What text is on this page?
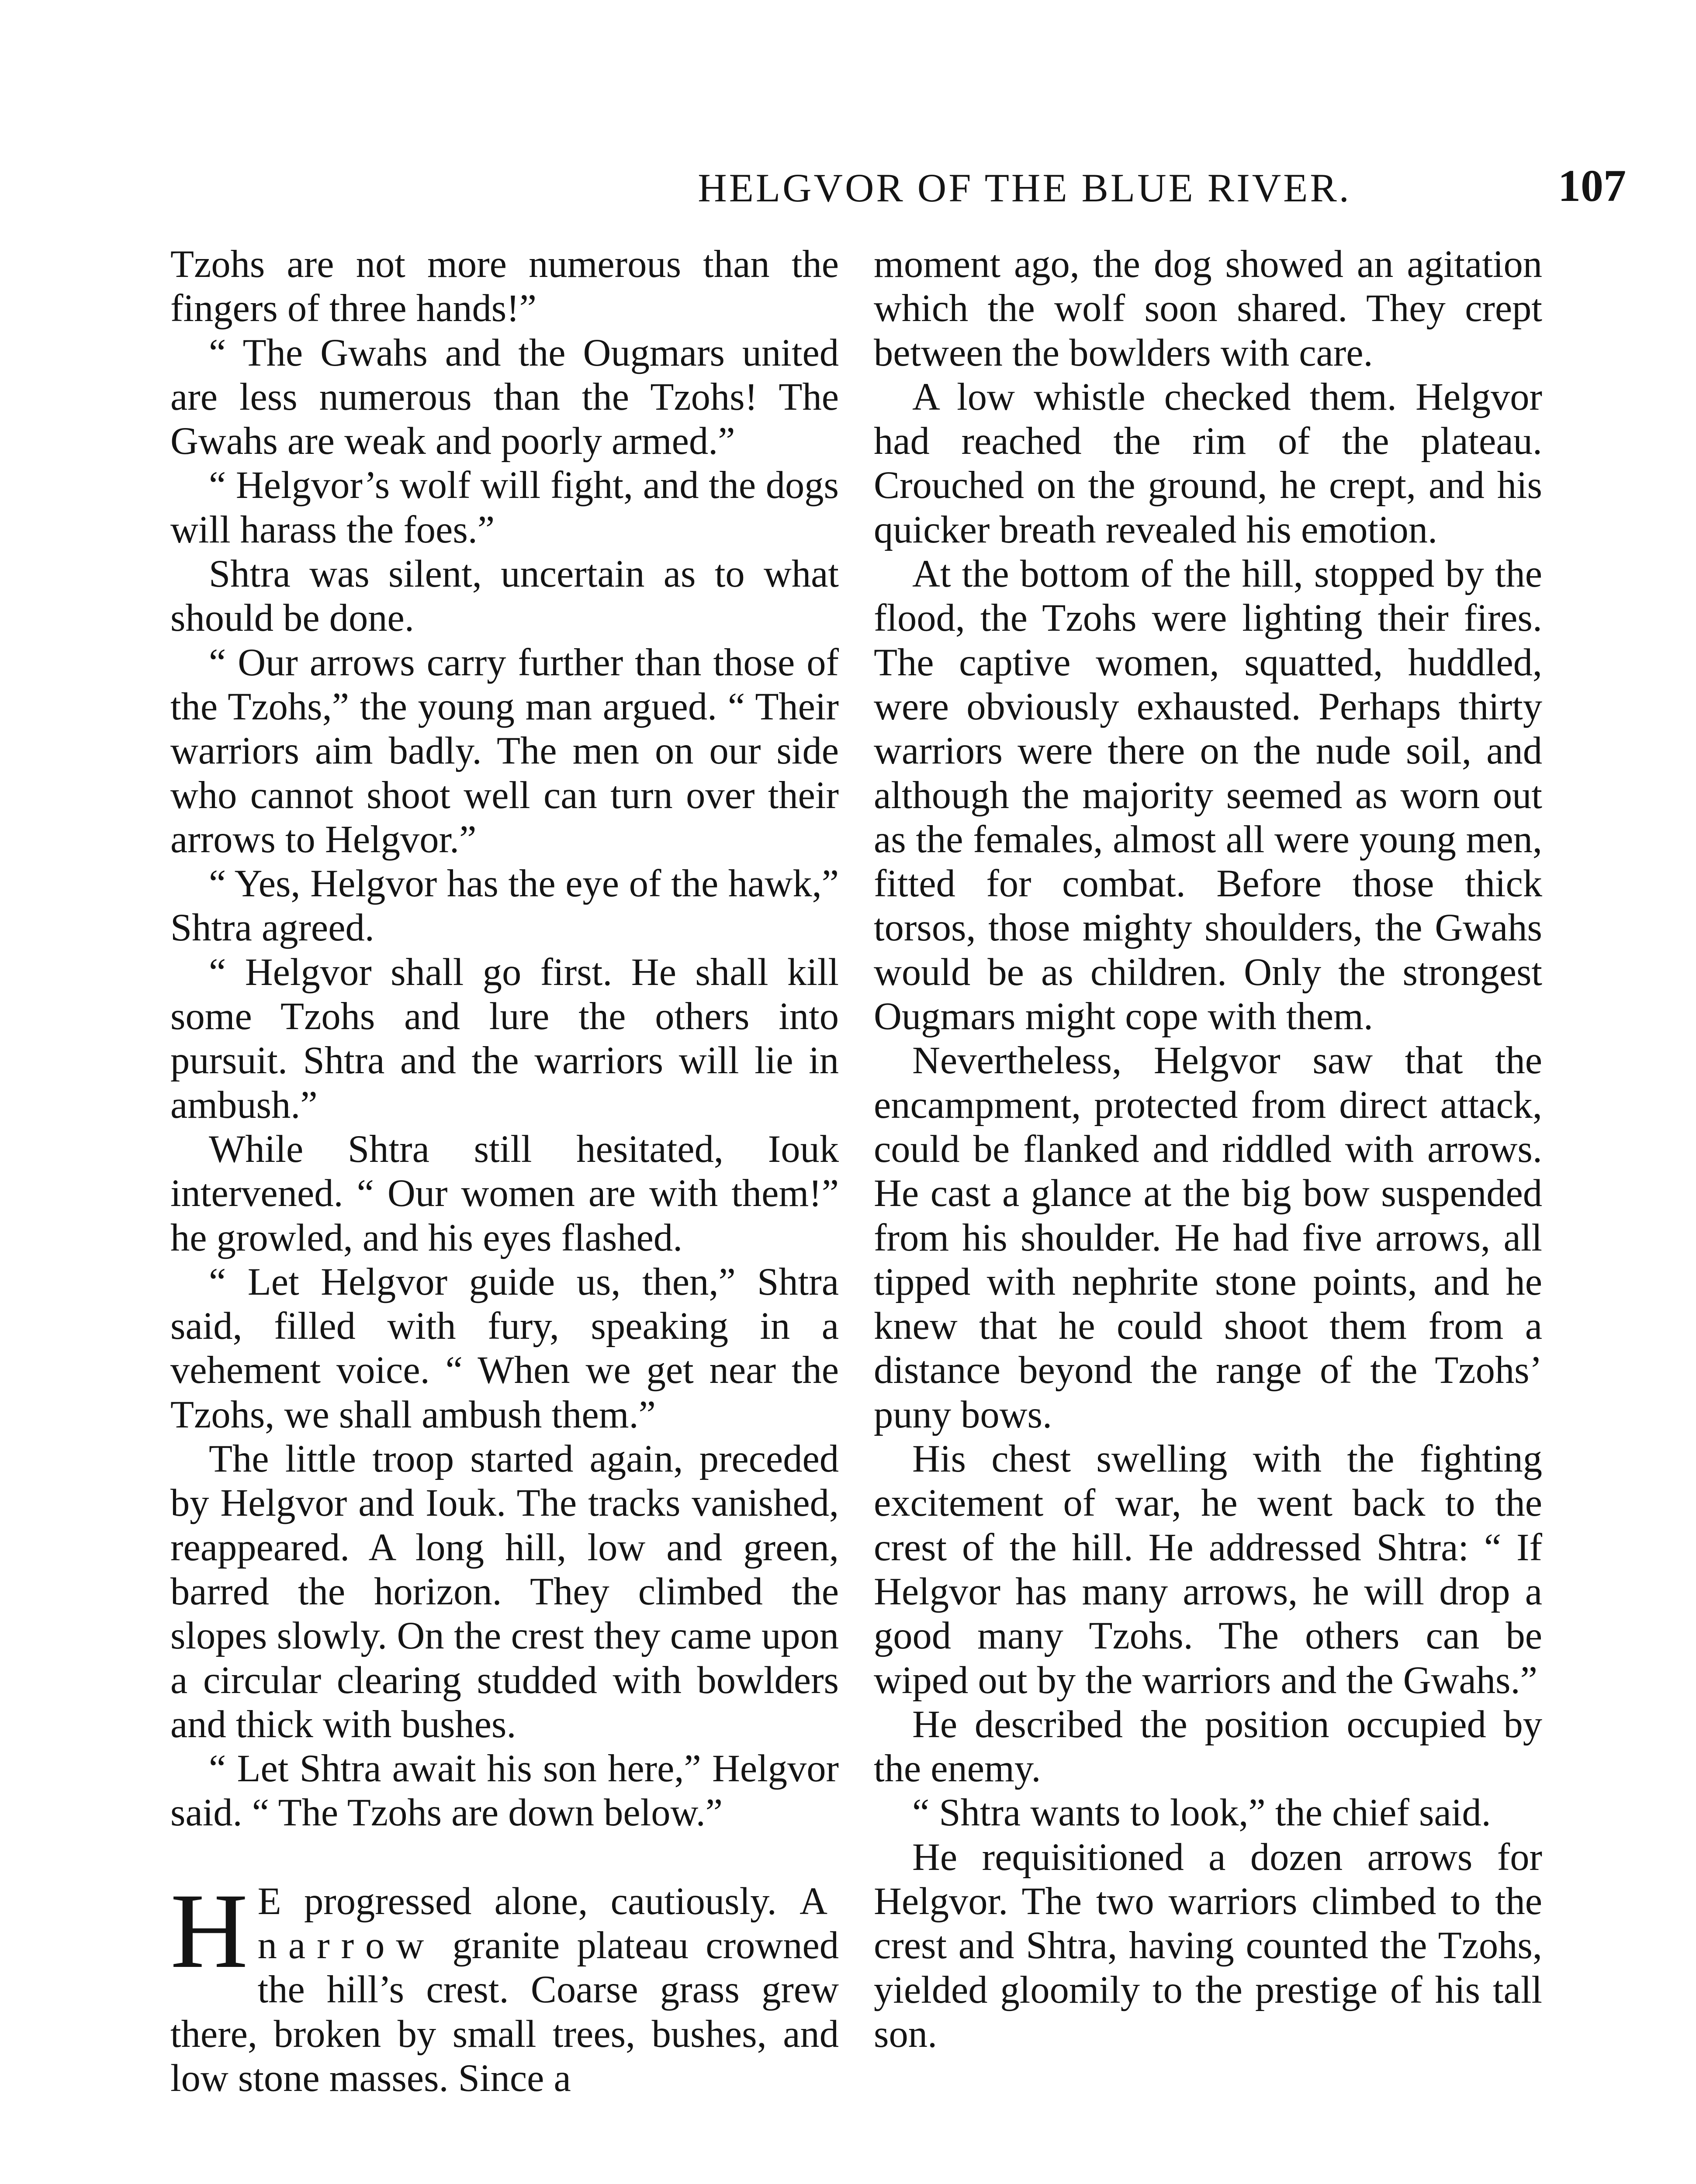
HELGVOR OF THE BLUE RIVER.	107

Tzohs are not more numerous than the fingers of three hands!”

“ The Gwahs and the Ougmars united are less numerous than the Tzohs! The Gwahs are weak and poorly armed.”

“ Helgvor’s wolf will fight, and the dogs will harass the foes.”

Shtra was silent, uncertain as to what should be done.

“ Our arrows carry further than those of the Tzohs,” the young man argued. “ Their warriors aim badly. The men on our side who cannot shoot well can turn over their arrows to Helgvor.”

“ Yes, Helgvor has the eye of the hawk,” Shtra agreed.

“ Helgvor shall go first. He shall kill some Tzohs and lure the others into pursuit. Shtra and the warriors will lie in ambush.”

While Shtra still hesitated, Iouk intervened. “ Our women are with them!” he growled, and his eyes flashed.

“ Let Helgvor guide us, then,” Shtra said, filled with fury, speaking in a vehement voice. “ When we get near the Tzohs, we shall ambush them.”

The little troop started again, preceded by Helgvor and Iouk. The tracks vanished, reappeared. A long hill, low and green, barred the horizon. They climbed the slopes slowly. On the crest they came upon a circular clearing studded with bowlders and thick with bushes.

“ Let Shtra await his son here,” Helgvor said. “ The Tzohs are down below.”

H E progressed alone, cautiously. A narrow granite plateau crowned the hill’s crest. Coarse grass grew there, broken by small trees, bushes, and low stone masses. Since a

moment ago, the dog showed an agitation which the wolf soon shared. They crept between the bowlders with care.

A low whistle checked them. Helgvor had reached the rim of the plateau. Crouched on the ground, he crept, and his quicker breath revealed his emotion.

At the bottom of the hill, stopped by the flood, the Tzohs were lighting their fires. The captive women, squatted, huddled, were obviously exhausted. Perhaps thirty warriors were there on the nude soil, and although the majority seemed as worn out as the females, almost all were young men, fitted for combat. Before those thick torsos, those mighty shoulders, the Gwahs would be as children. Only the strongest Ougmars might cope with them.

Nevertheless, Helgvor saw that the encampment, protected from direct attack, could be flanked and riddled with arrows. He cast a glance at the big bow suspended from his shoulder. He had five arrows, all tipped with nephrite stone points, and he knew that he could shoot them from a distance beyond the range of the Tzohs’ puny bows.

His chest swelling with the fighting excitement of war, he went back to the crest of the hill. He addressed Shtra: “ If Helgvor has many arrows, he will drop a good many Tzohs. The others can be wiped out by the warriors and the Gwahs.”

He described the position occupied by the enemy.

“ Shtra wants to look,” the chief said.

He requisitioned a dozen arrows for Helgvor. The two warriors climbed to the crest and Shtra, having counted the Tzohs, yielded gloomily to the prestige of his tall son.
